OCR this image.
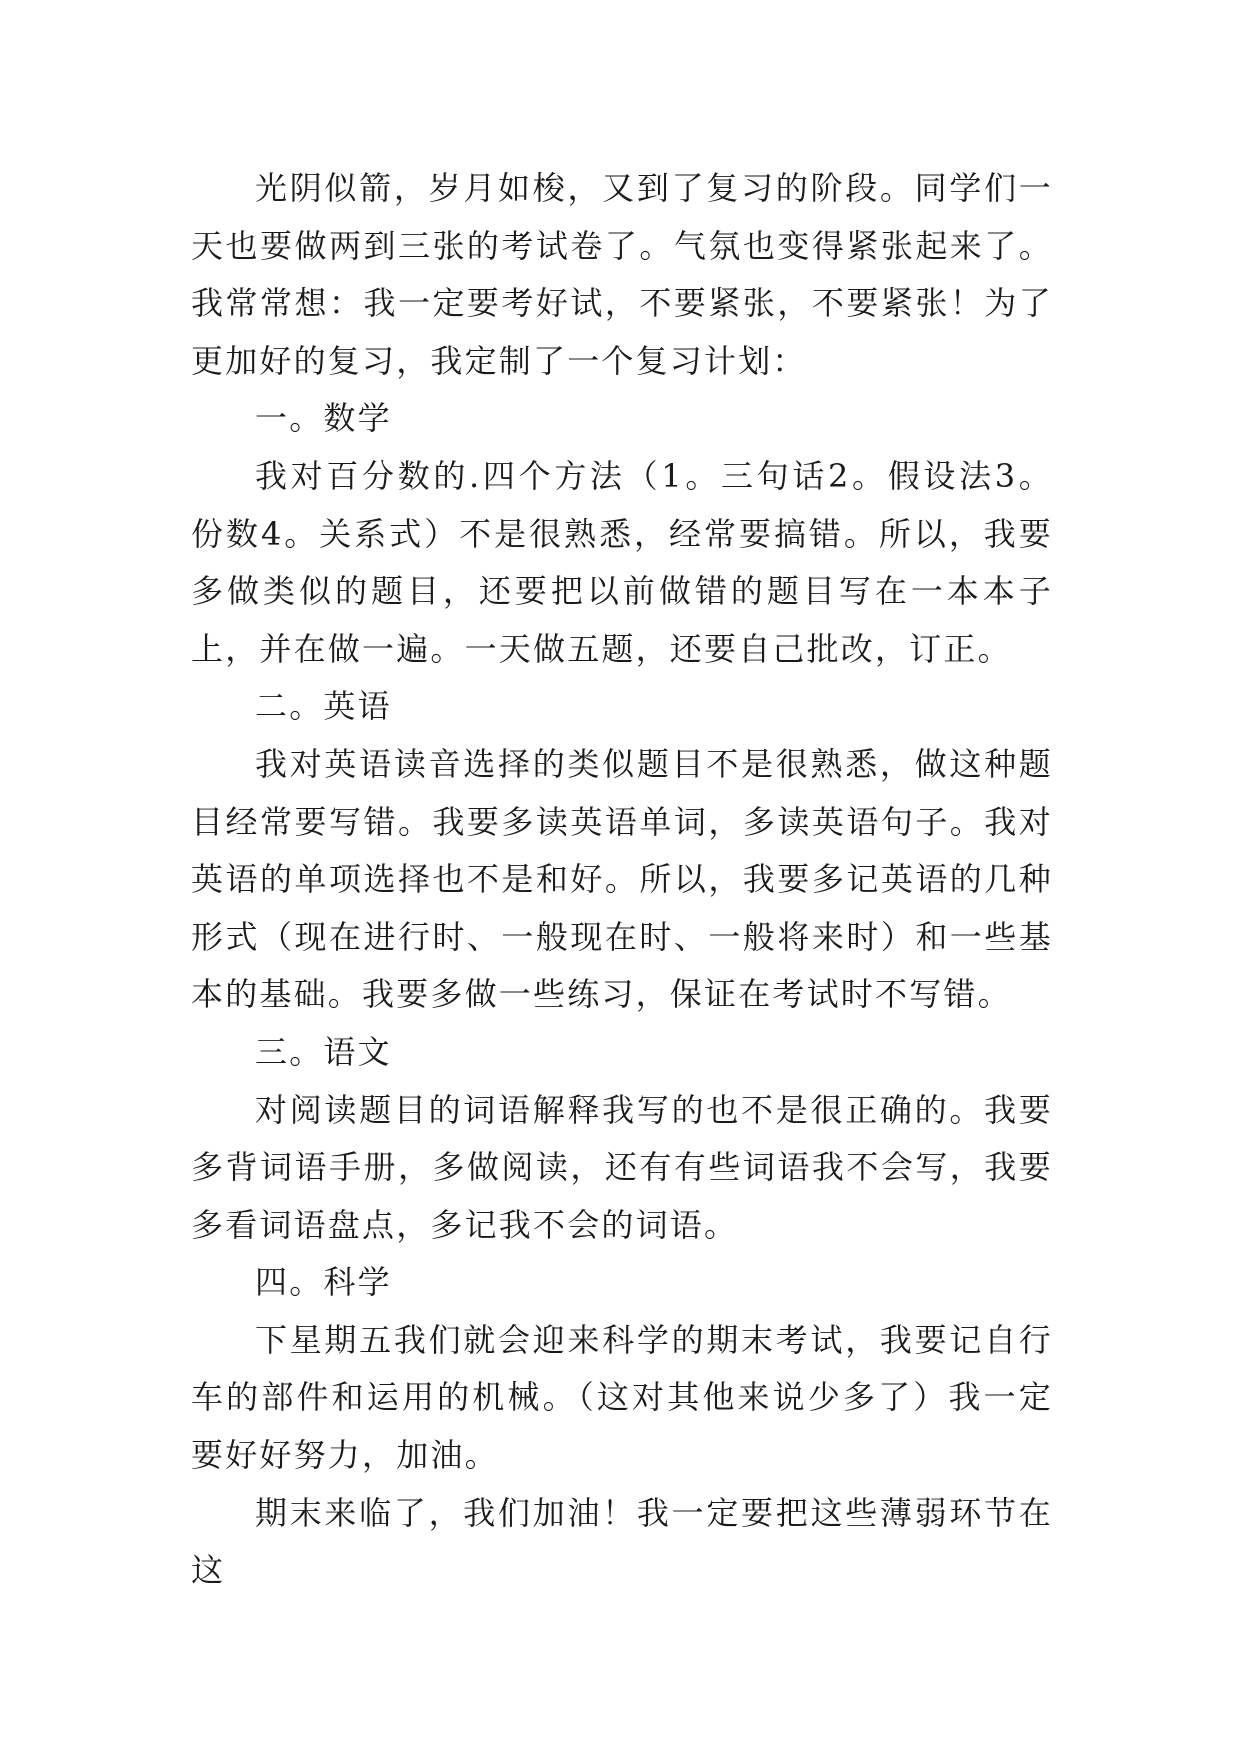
光阴似箭，岁月如梭，又到了复习的阶段。同学们一天也要做两到三张的考试卷了。气氛也变得紧张起来了。我常常想：我一定要考好试，不要紧张，不要紧张！为了更加好的复习，我定制了一个复习计划：

一。数学

我对百分数的.四个方法（1。三句话2。假设法3。份数4。关系式）不是很熟悉，经常要搞错。所以，我要多做类似的题目，还要把以前做错的题目写在一本本子上，并在做一遍。一天做五题，还要自己批改，订正。

二。英语

我对英语读音选择的类似题目不是很熟悉，做这种题目经常要写错。我要多读英语单词，多读英语句子。我对英语的单项选择也不是和好。所以，我要多记英语的几种形式（现在进行时、一般现在时、一般将来时）和一些基本的基础。我要多做一些练习，保证在考试时不写错。

三。语文

对阅读题目的词语解释我写的也不是很正确的。我要多背词语手册，多做阅读，还有有些词语我不会写，我要多看词语盘点，多记我不会的词语。

四。科学

下星期五我们就会迎来科学的期末考试，我要记自行车的部件和运用的机械。（这对其他来说少多了）我一定要好好努力，加油。

期末来临了，我们加油！我一定要把这些薄弱环节在这
